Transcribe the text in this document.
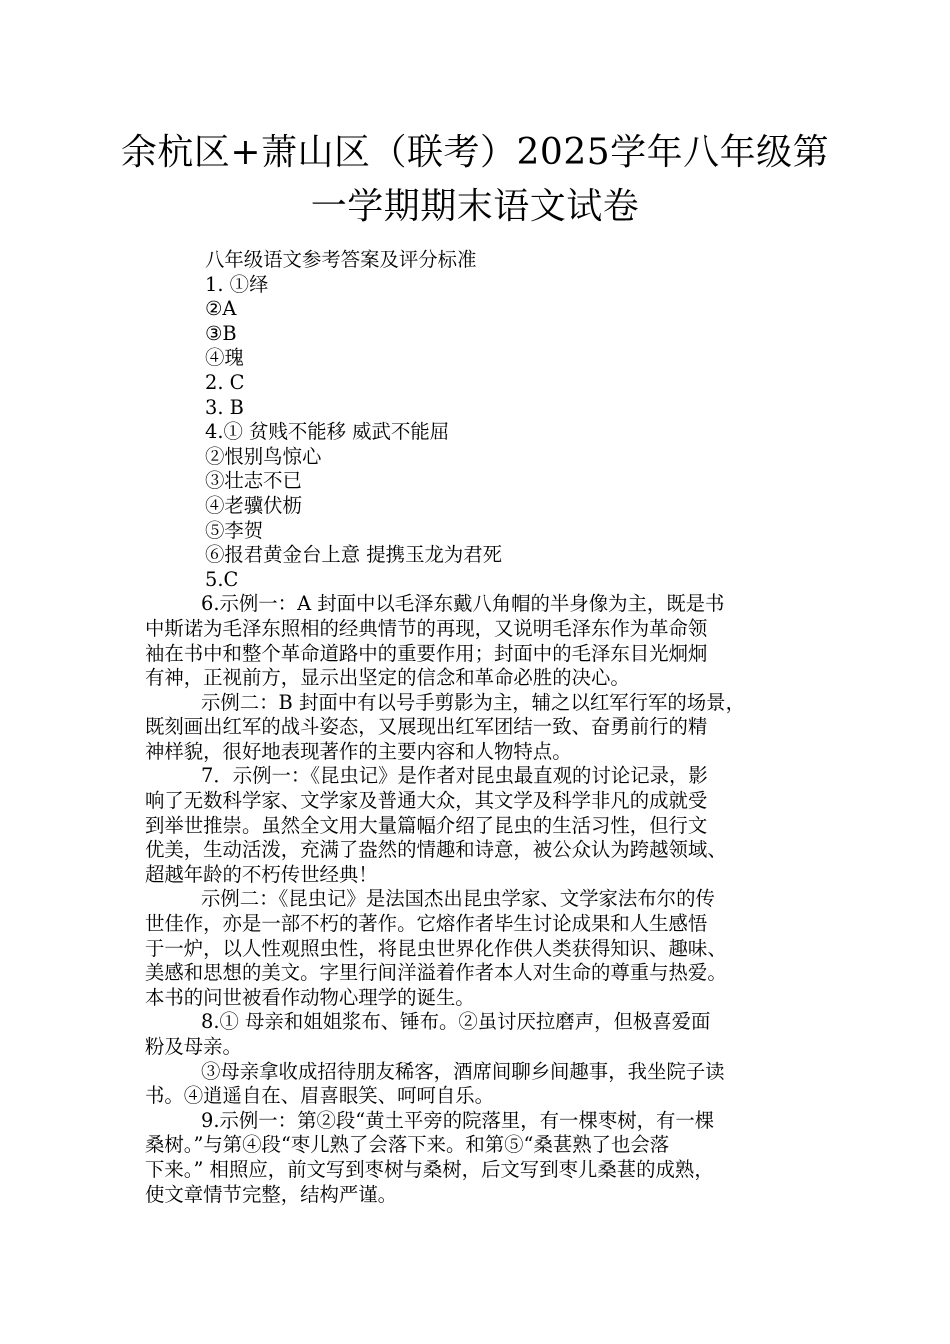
余杭区+萧山区（联考）2025学年八年级第
一学期期末语文试卷
八年级语文参考答案及评分标准
1. ①绎
②A
③B
④瑰
2. C
3. B
4.① 贫贱不能移 威武不能屈
②恨别鸟惊心
③壮志不已
④老骥伏枥
⑤李贺
⑥报君黄金台上意 提携玉龙为君死
5.C
6.示例一：A 封面中以毛泽东戴八角帽的半身像为主，既是书
中斯诺为毛泽东照相的经典情节的再现，又说明毛泽东作为革命领
袖在书中和整个革命道路中的重要作用；封面中的毛泽东目光炯炯
有神，正视前方，显示出坚定的信念和革命必胜的决心。
示例二：B 封面中有以号手剪影为主，辅之以红军行军的场景，
既刻画出红军的战斗姿态，又展现出红军团结一致、奋勇前行的精
神样貌，很好地表现著作的主要内容和人物特点。
7．示例一：《昆虫记》是作者对昆虫最直观的讨论记录，影
响了无数科学家、文学家及普通大众，其文学及科学非凡的成就受
到举世推崇。虽然全文用大量篇幅介绍了昆虫的生活习性，但行文
优美，生动活泼，充满了盎然的情趣和诗意，被公众认为跨越领域、
超越年龄的不朽传世经典！
示例二：《昆虫记》是法国杰出昆虫学家、文学家法布尔的传
世佳作，亦是一部不朽的著作。它熔作者毕生讨论成果和人生感悟
于一炉，以人性观照虫性，将昆虫世界化作供人类获得知识、趣味、
美感和思想的美文。字里行间洋溢着作者本人对生命的尊重与热爱。
本书的问世被看作动物心理学的诞生。
8.① 母亲和姐姐浆布、锤布。②虽讨厌拉磨声，但极喜爱面
粉及母亲。
③母亲拿收成招待朋友稀客，酒席间聊乡间趣事，我坐院子读
书。④逍遥自在、眉喜眼笑、呵呵自乐。
9.示例一：第②段“黄土平旁的院落里，有一棵枣树，有一棵
桑树。”与第④段“枣儿熟了会落下来。和第⑤“桑葚熟了也会落
下来。” 相照应，前文写到枣树与桑树，后文写到枣儿桑葚的成熟，
使文章情节完整，结构严谨。
